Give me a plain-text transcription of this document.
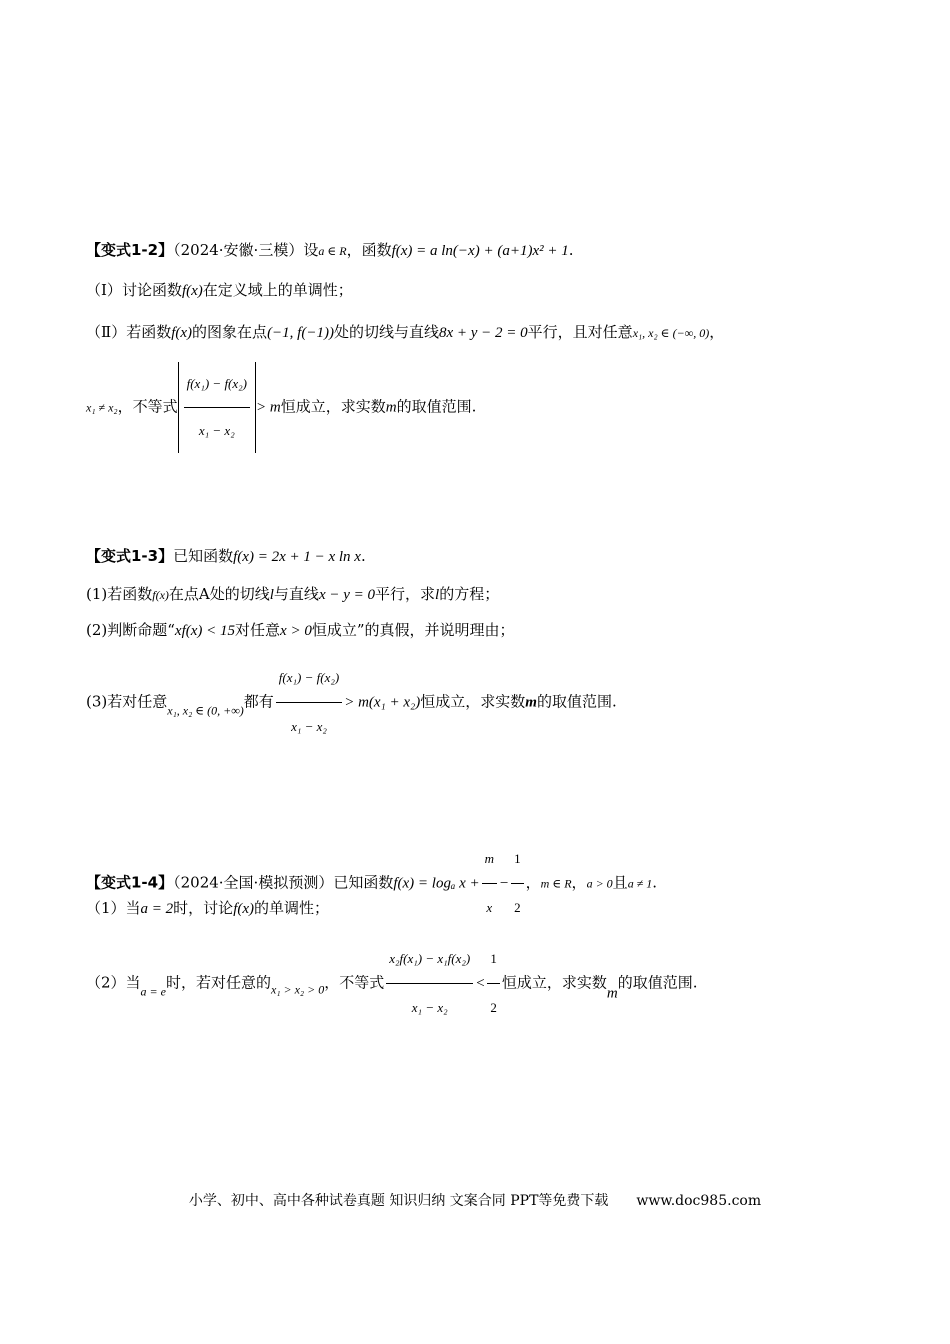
【变式1-2】（2024·安徽·三模）设a ∈ R，函数f(x) = a ln(−x) + (a+1)x² + 1.
（Ⅰ）讨论函数f(x)在定义域上的单调性；
（Ⅱ）若函数f(x)的图象在点(−1, f(−1))处的切线与直线8x + y − 2 = 0平行，且对任意x₁, x₂ ∈ (−∞, 0)，
x₁ ≠ x₂，不等式 $\frac{\text{f(x₁) − f(x₂)}}{\text{x₁ − x₂}} > m$恒成立，求实数m的取值范围.
【变式1-3】已知函数f(x) = 2x + 1 − x ln x.
(1)若函数f(x)在点A处的切线l与直线x − y = 0平行，求l的方程；
(2)判断命题“xf(x) < 15对任意x > 0恒成立”的真假，并说明理由；
(3)若对任意$_{x_1, x_2 \in (0, +\infty)}$都有 $\frac{\text{f(x₁) − f(x₂)}}{\text{x₁ − x₂}} > m(x_1 + x_2)$恒成立，求实数m的取值范围.
【变式1-4】（2024·全国·模拟预测）已知函数f(x) = logₐ $x + \frac{m}{x} - \frac{1}{2}$ ，m ∈ R，a > 0且a ≠ 1.
（1）当a = 2时，讨论f(x)的单调性；
（2）当$_{a = e}$时，若对任意的$_{x_1 > x_2 > 0}$，不等式 $\frac{\text{x₂f(x₁) − x₁f(x₂)}}{\text{x₁ − x₂}} < \frac{1}{2}$ 恒成立，求实数m的取值范围.
小学、初中、高中各种试卷真题 知识归纳 文案合同 PPT等免费下载 www.doc985.com
